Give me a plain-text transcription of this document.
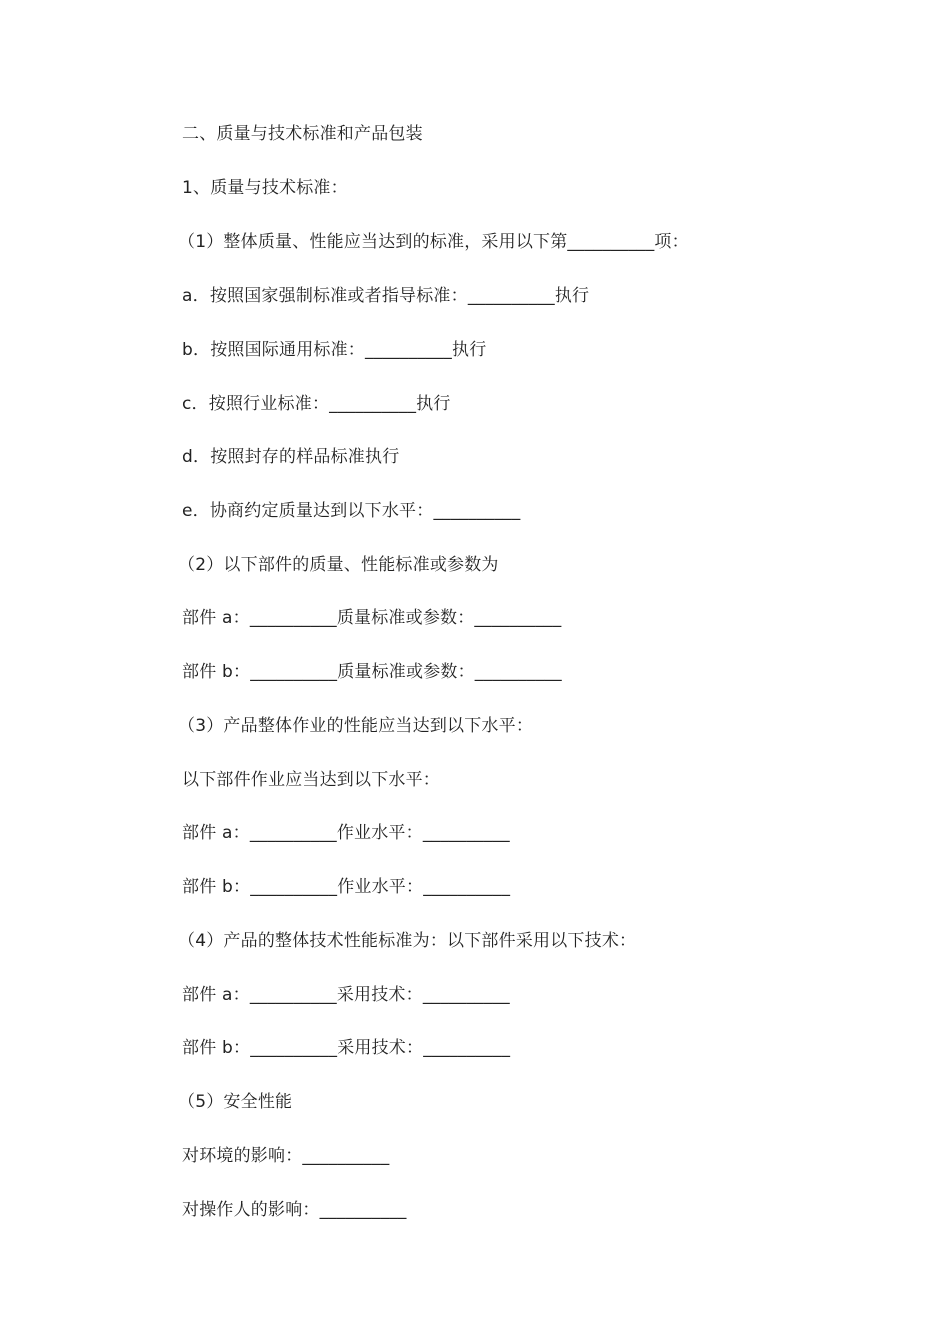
二、质量与技术标准和产品包装
1、质量与技术标准：
（1）整体质量、性能应当达到的标准，采用以下第__________项：
a．按照国家强制标准或者指导标准：__________执行
b．按照国际通用标准：__________执行
c．按照行业标准：__________执行
d．按照封存的样品标准执行
e．协商约定质量达到以下水平：__________
（2）以下部件的质量、性能标准或参数为
部件 a：__________质量标准或参数：__________
部件 b：__________质量标准或参数：__________
（3）产品整体作业的性能应当达到以下水平：
以下部件作业应当达到以下水平：
部件 a：__________作业水平：__________
部件 b：__________作业水平：__________
（4）产品的整体技术性能标准为：以下部件采用以下技术：
部件 a：__________采用技术：__________
部件 b：__________采用技术：__________
（5）安全性能
对环境的影响：__________
对操作人的影响：__________
